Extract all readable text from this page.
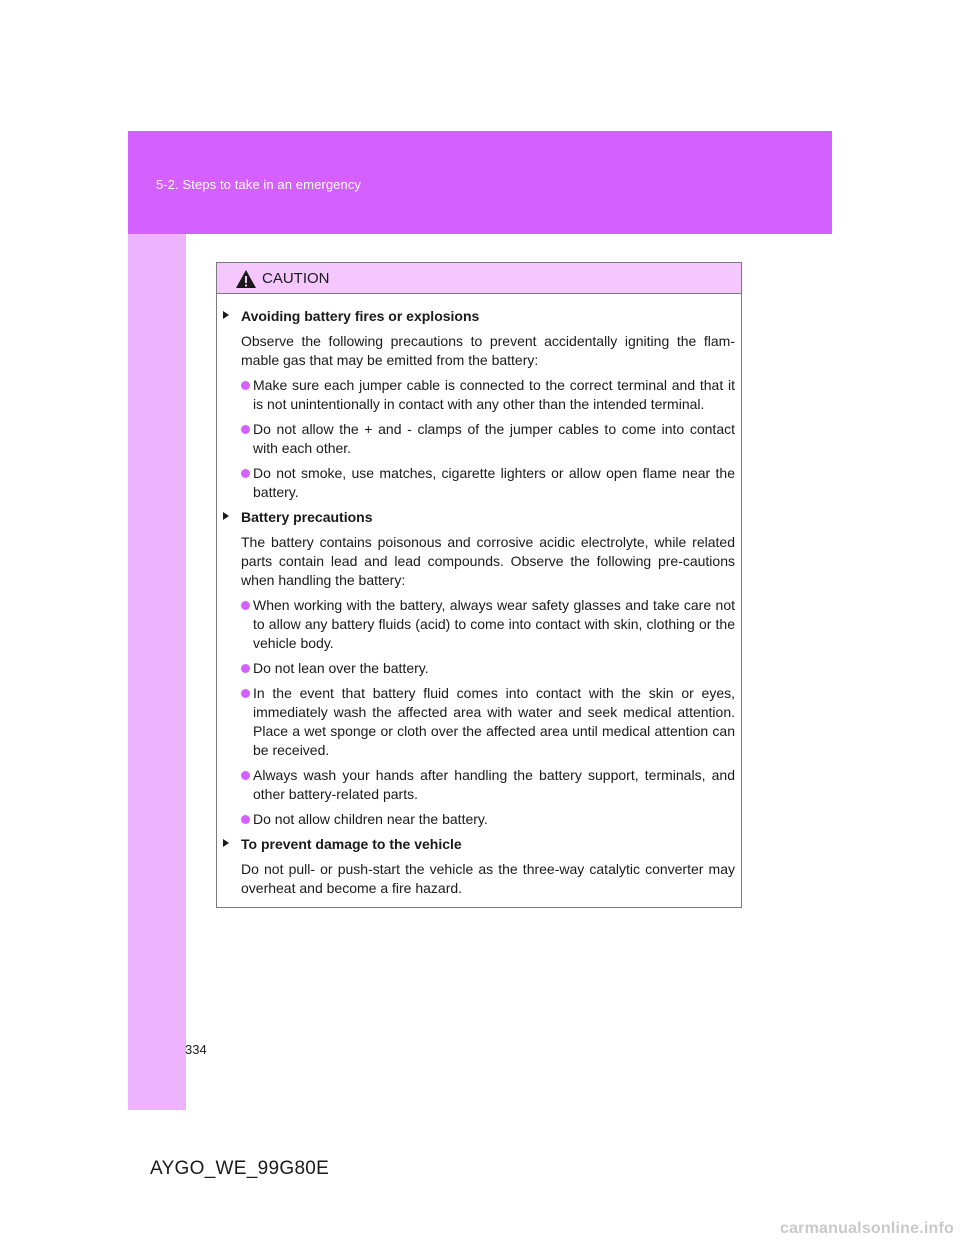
5-2. Steps to take in an emergency
CAUTION
Avoiding battery fires or explosions
Observe the following precautions to prevent accidentally igniting the flam-mable gas that may be emitted from the battery:
Make sure each jumper cable is connected to the correct terminal and that it is not unintentionally in contact with any other than the intended terminal.
Do not allow the + and - clamps of the jumper cables to come into contact with each other.
Do not smoke, use matches, cigarette lighters or allow open flame near the battery.
Battery precautions
The battery contains poisonous and corrosive acidic electrolyte, while related parts contain lead and lead compounds. Observe the following pre-cautions when handling the battery:
When working with the battery, always wear safety glasses and take care not to allow any battery fluids (acid) to come into contact with skin, clothing or the vehicle body.
Do not lean over the battery.
In the event that battery fluid comes into contact with the skin or eyes, immediately wash the affected area with water and seek medical attention. Place a wet sponge or cloth over the affected area until medical attention can be received.
Always wash your hands after handling the battery support, terminals, and other battery-related parts.
Do not allow children near the battery.
To prevent damage to the vehicle
Do not pull- or push-start the vehicle as the three-way catalytic converter may overheat and become a fire hazard.
334
AYGO_WE_99G80E
carmanualsonline.info
